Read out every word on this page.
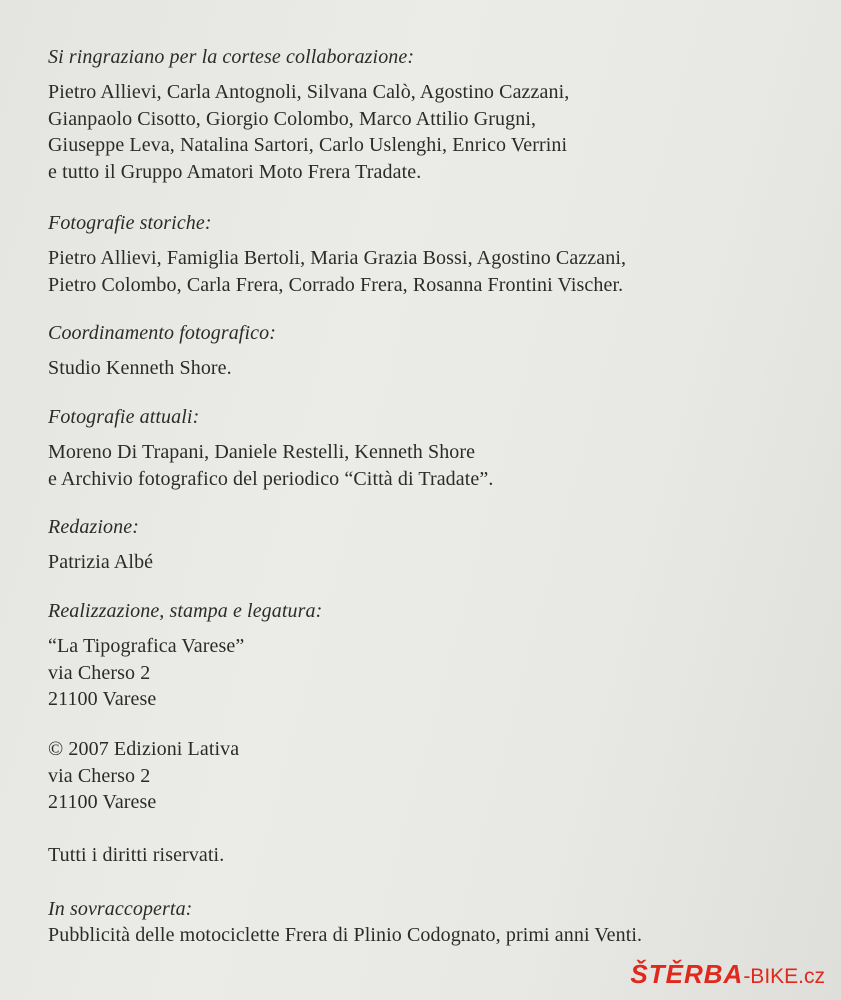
Si ringraziano per la cortese collaborazione:

Pietro Allievi, Carla Antognoli, Silvana Calò, Agostino Cazzani,

Gianpaolo Cisotto, Giorgio Colombo, Marco Attilio Grugni,

Giuseppe Leva, Natalina Sartori, Carlo Uslenghi, Enrico Verrini

e tutto il Gruppo Amatori Moto Frera Tradate.

Fotografie storiche:

Pietro Allievi, Famiglia Bertoli, Maria Grazia Bossi, Agostino Cazzani,

Pietro Colombo, Carla Frera, Corrado Frera, Rosanna Frontini Vischer.

Coordinamento fotografico:

Studio Kenneth Shore.

Fotografie attuali:

Moreno Di Trapani, Daniele Restelli, Kenneth Shore

e Archivio fotografico del periodico “Città di Tradate”.

Redazione:

Patrizia Albé

Realizzazione, stampa e legatura:

“La Tipografica Varese”

via Cherso 2

21100 Varese

© 2007 Edizioni Lativa

via Cherso 2

21100 Varese

Tutti i diritti riservati.

In sovraccoperta:

Pubblicità delle motociclette Frera di Plinio Codognato, primi anni Venti.

ŠTĚRBA-BIKE.cz
